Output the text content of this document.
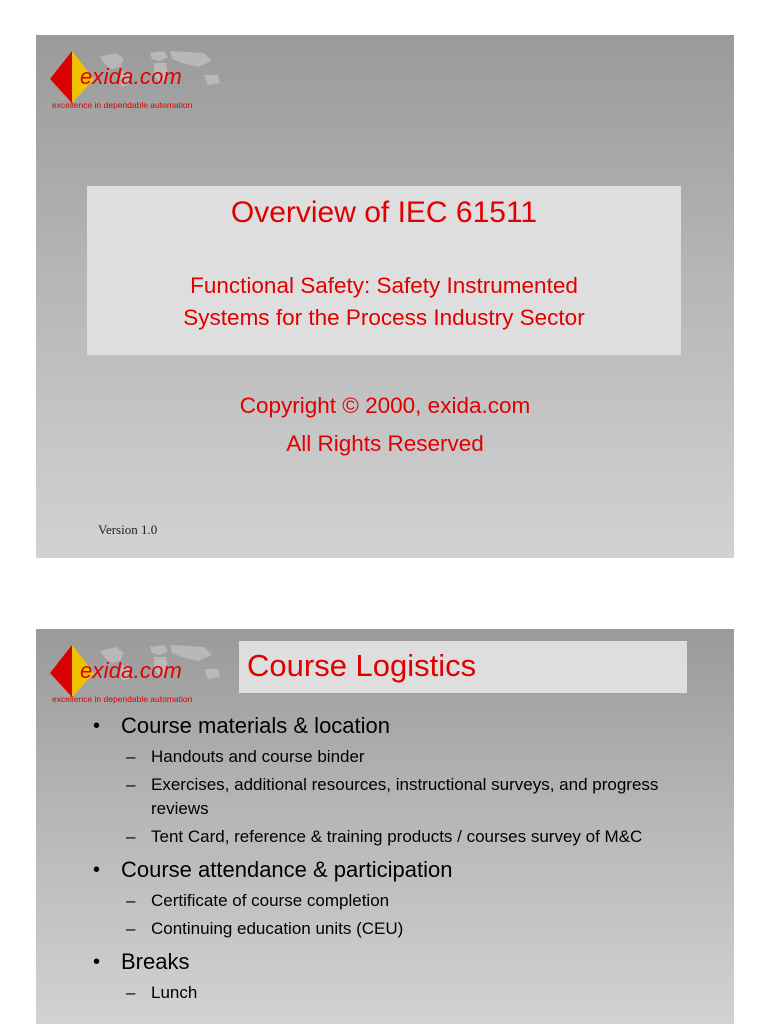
exida.com
excellence in dependable automation
Overview of IEC 61511
Functional Safety: Safety Instrumented
Systems for the Process Industry Sector
Copyright © 2000, exida.com
All Rights Reserved
Version 1.0
exida.com
excellence in dependable automation
Course Logistics
• Course materials & location
– Handouts and course binder
– Exercises, additional resources, instructional surveys, and progress reviews
– Tent Card, reference & training products / courses survey of M&C
• Course attendance & participation
– Certificate of course completion
– Continuing education units (CEU)
• Breaks
– Lunch
